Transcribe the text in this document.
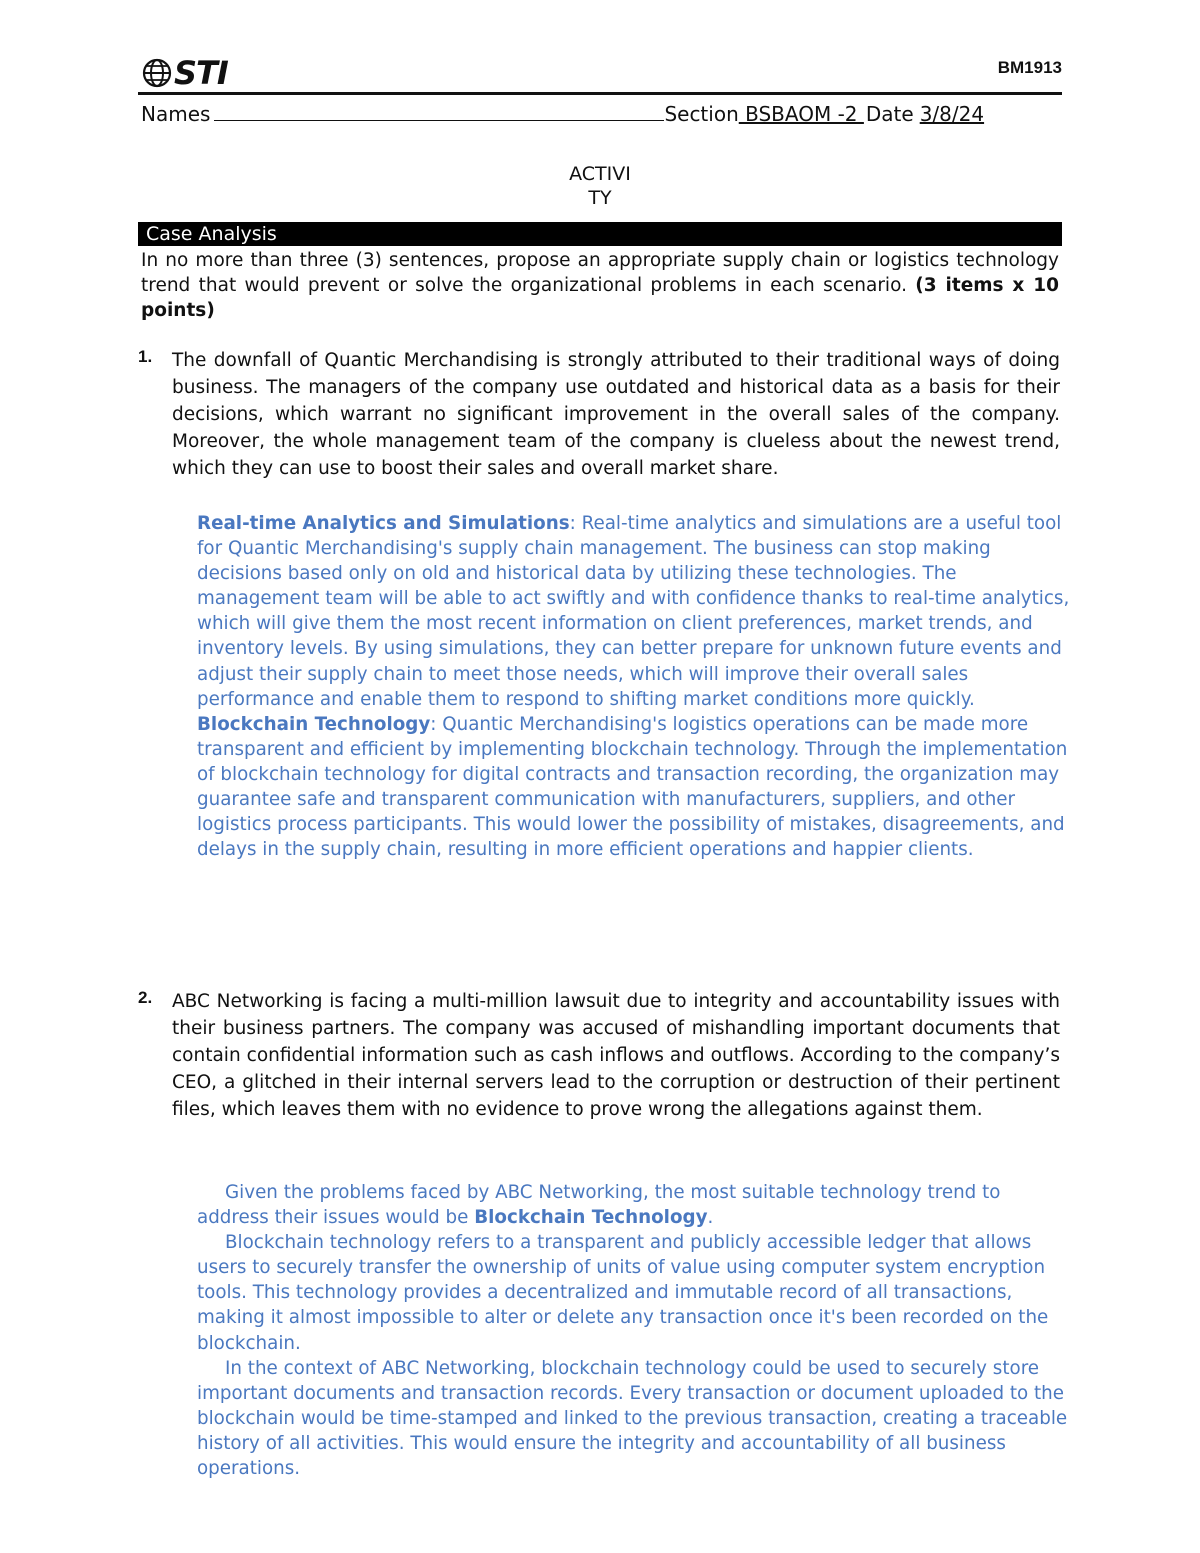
STI	BM1913
Names	Section BSBAOM -2 Date 3/8/24
ACTIVI
TY
Case Analysis
In no more than three (3) sentences, propose an appropriate supply chain or logistics technology trend that would prevent or solve the organizational problems in each scenario. (3 items x 10 points)
1. The downfall of Quantic Merchandising is strongly attributed to their traditional ways of doing business. The managers of the company use outdated and historical data as a basis for their decisions, which warrant no significant improvement in the overall sales of the company. Moreover, the whole management team of the company is clueless about the newest trend, which they can use to boost their sales and overall market share.

Real-time Analytics and Simulations: Real-time analytics and simulations are a useful tool for Quantic Merchandising's supply chain management. The business can stop making decisions based only on old and historical data by utilizing these technologies. The management team will be able to act swiftly and with confidence thanks to real-time analytics, which will give them the most recent information on client preferences, market trends, and inventory levels. By using simulations, they can better prepare for unknown future events and adjust their supply chain to meet those needs, which will improve their overall sales performance and enable them to respond to shifting market conditions more quickly.

Blockchain Technology: Quantic Merchandising's logistics operations can be made more transparent and efficient by implementing blockchain technology. Through the implementation of blockchain technology for digital contracts and transaction recording, the organization may guarantee safe and transparent communication with manufacturers, suppliers, and other logistics process participants. This would lower the possibility of mistakes, disagreements, and delays in the supply chain, resulting in more efficient operations and happier clients.

2. ABC Networking is facing a multi-million lawsuit due to integrity and accountability issues with their business partners. The company was accused of mishandling important documents that contain confidential information such as cash inflows and outflows. According to the company’s CEO, a glitched in their internal servers lead to the corruption or destruction of their pertinent files, which leaves them with no evidence to prove wrong the allegations against them.

Given the problems faced by ABC Networking, the most suitable technology trend to address their issues would be Blockchain Technology.

Blockchain technology refers to a transparent and publicly accessible ledger that allows users to securely transfer the ownership of units of value using computer system encryption tools. This technology provides a decentralized and immutable record of all transactions, making it almost impossible to alter or delete any transaction once it's been recorded on the blockchain.

In the context of ABC Networking, blockchain technology could be used to securely store important documents and transaction records. Every transaction or document uploaded to the blockchain would be time-stamped and linked to the previous transaction, creating a traceable history of all activities. This would ensure the integrity and accountability of all business operations.
